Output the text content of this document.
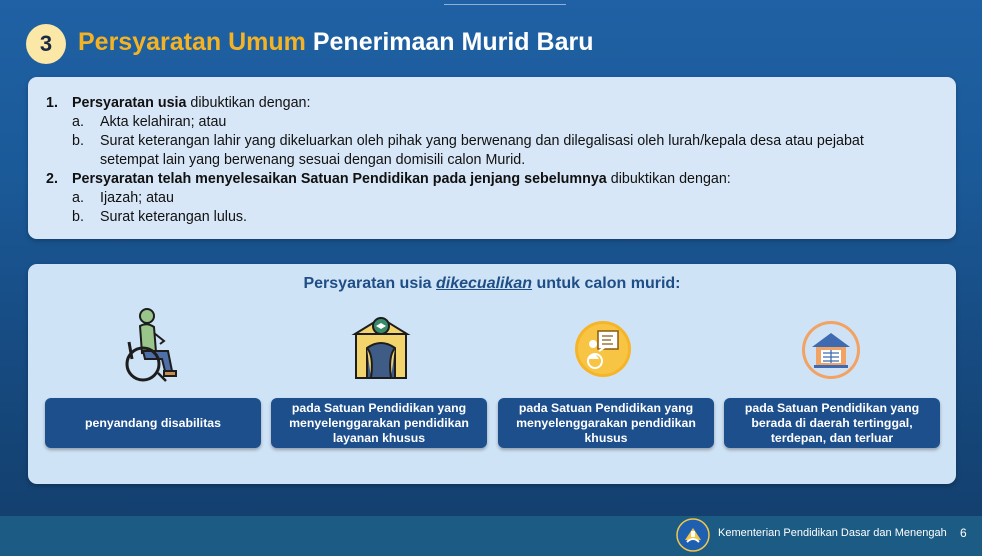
3	Persyaratan Umum Penerimaan Murid Baru
1. Persyaratan usia dibuktikan dengan:
a. Akta kelahiran; atau
b. Surat keterangan lahir yang dikeluarkan oleh pihak yang berwenang dan dilegalisasi oleh lurah/kepala desa atau pejabat setempat lain yang berwenang sesuai dengan domisili calon Murid.
2. Persyaratan telah menyelesaikan Satuan Pendidikan pada jenjang sebelumnya dibuktikan dengan:
a. Ijazah; atau
b. Surat keterangan lulus.
Persyaratan usia dikecualikan untuk calon murid:
penyandang disabilitas
pada Satuan Pendidikan yang menyelenggarakan pendidikan layanan khusus
pada Satuan Pendidikan yang menyelenggarakan pendidikan khusus
pada Satuan Pendidikan yang berada di daerah tertinggal, terdepan, dan terluar
Kementerian Pendidikan Dasar dan Menengah 6
